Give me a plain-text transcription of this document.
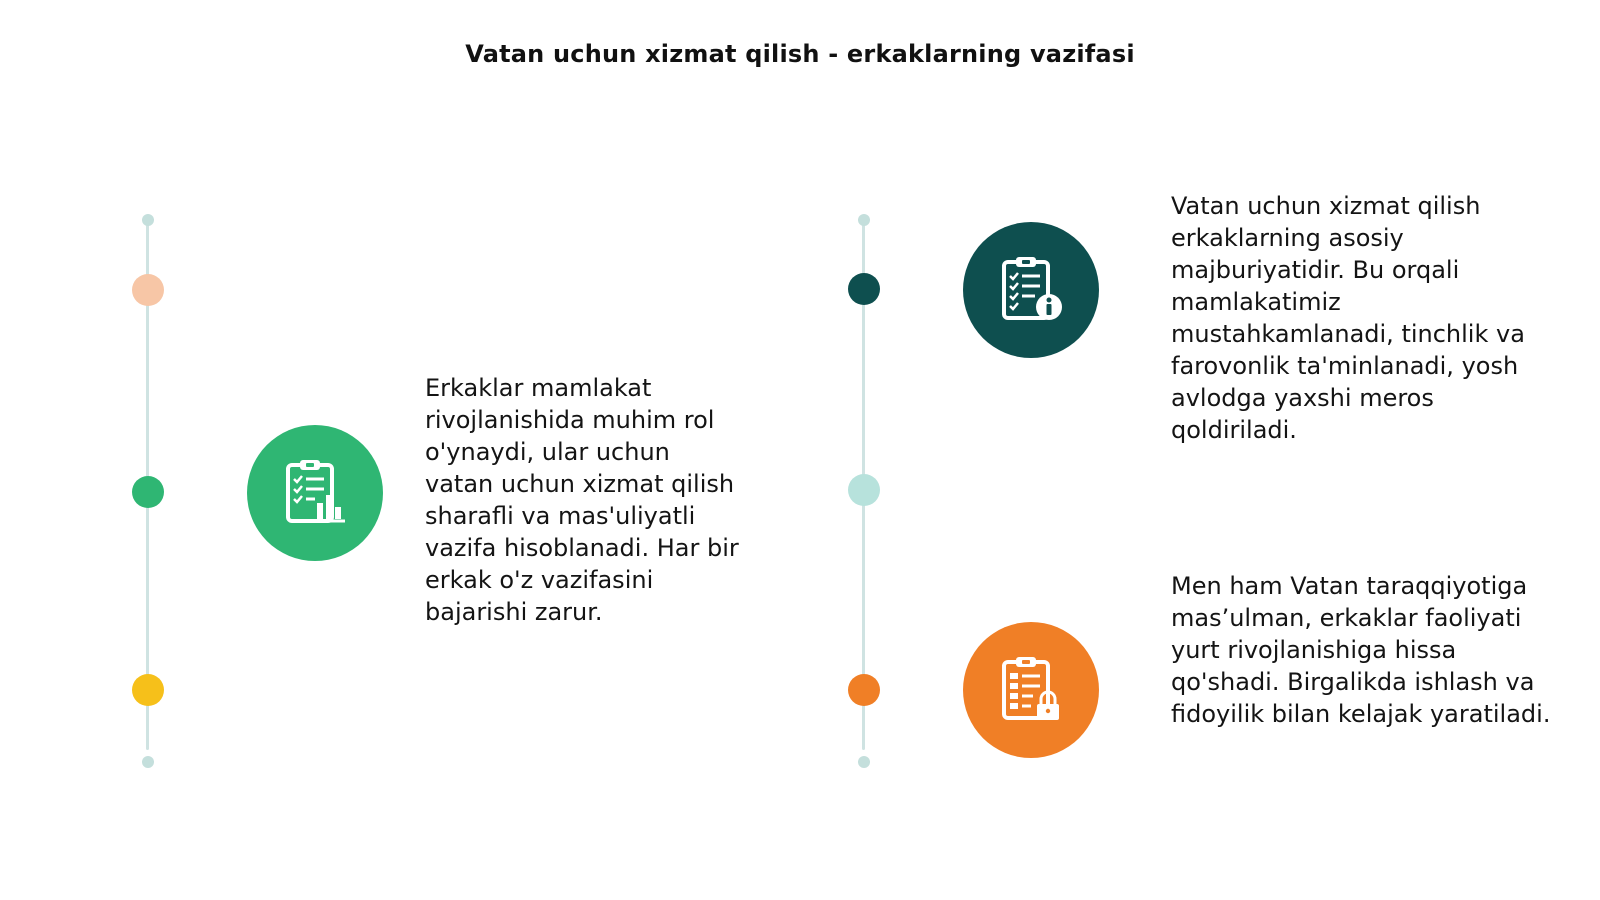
Vatan uchun xizmat qilish - erkaklarning vazifasi
Erkaklar mamlakat rivojlanishida muhim rol o'ynaydi, ular uchun vatan uchun xizmat qilish sharafli va mas'uliyatli vazifa hisoblanadi. Har bir erkak o'z vazifasini bajarishi zarur.
Vatan uchun xizmat qilish erkaklarning asosiy majburiyatidir. Bu orqali mamlakatimiz mustahkamlanadi, tinchlik va farovonlik ta'minlanadi, yosh avlodga yaxshi meros qoldiriladi.
Men ham Vatan taraqqiyotiga mas’ulman, erkaklar faoliyati yurt rivojlanishiga hissa qo'shadi. Birgalikda ishlash va fidoyilik bilan kelajak yaratiladi.
